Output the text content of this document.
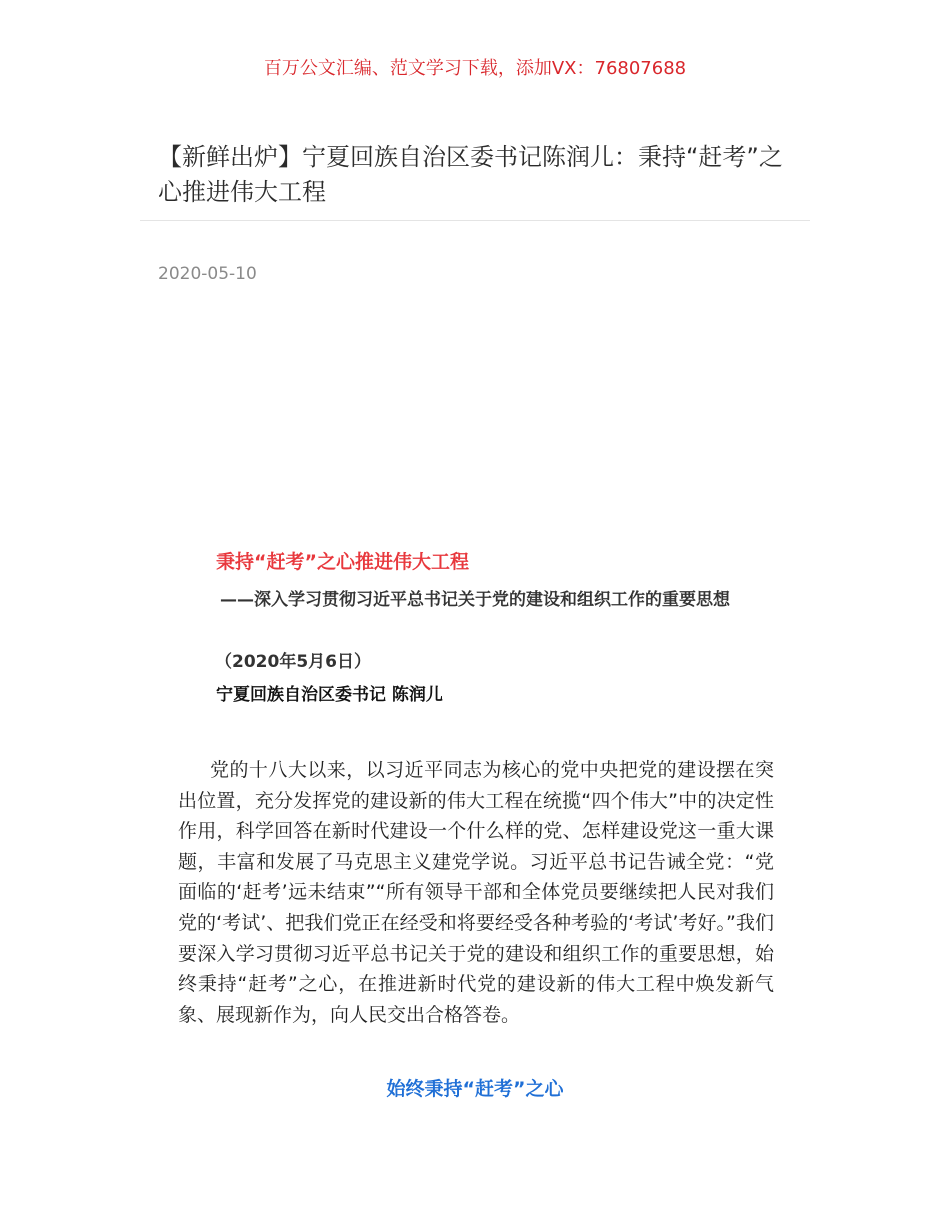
百万公文汇编、范文学习下载，添加VX：76807688
【新鲜出炉】宁夏回族自治区委书记陈润儿：秉持“赶考”之心推进伟大工程
2020-05-10
秉持“赶考”之心推进伟大工程
——深入学习贯彻习近平总书记关于党的建设和组织工作的重要思想
（2020年5月6日）
宁夏回族自治区委书记 陈润儿

党的十八大以来，以习近平同志为核心的党中央把党的建设摆在突出位置，充分发挥党的建设新的伟大工程在统揽“四个伟大”中的决定性作用，科学回答在新时代建设一个什么样的党、怎样建设党这一重大课题，丰富和发展了马克思主义建党学说。习近平总书记告诫全党：“党面临的‘赶考’远未结束”“所有领导干部和全体党员要继续把人民对我们党的‘考试’、把我们党正在经受和将要经受各种考验的‘考试’考好。”我们要深入学习贯彻习近平总书记关于党的建设和组织工作的重要思想，始终秉持“赶考”之心，在推进新时代党的建设新的伟大工程中焕发新气象、展现新作为，向人民交出合格答卷。

始终秉持“赶考”之心
